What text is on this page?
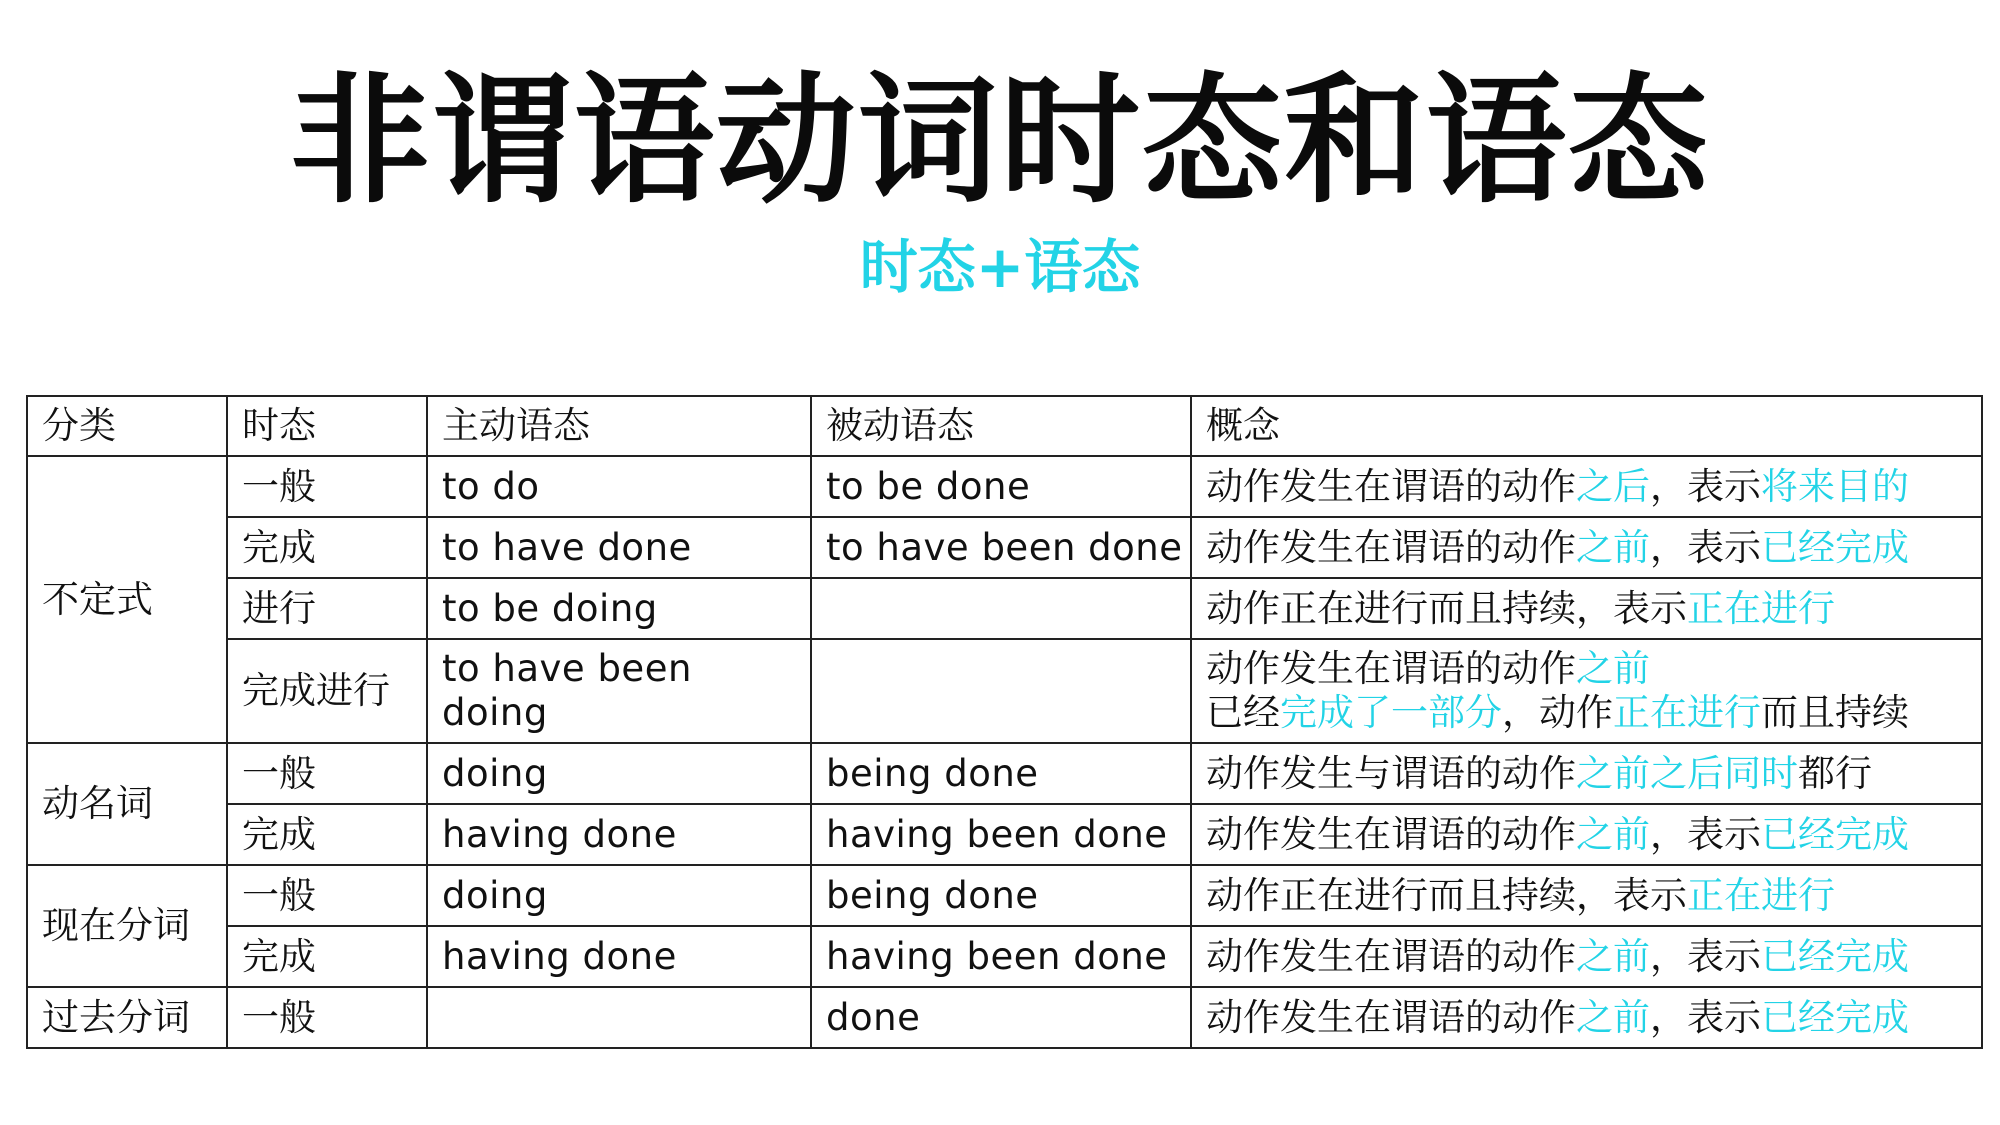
非谓语动词时态和语态
时态+语态
分类	时态	主动语态	被动语态	概念
不定式	一般	to do	to be done	动作发生在谓语的动作之后，表示将来目的
	完成	to have done	to have been done	动作发生在谓语的动作之前，表示已经完成
	进行	to be doing		动作正在进行而且持续，表示正在进行
	完成进行	to have been doing		动作发生在谓语的动作之前
已经完成了一部分，动作正在进行而且持续

动名词	一般	doing	being done	动作发生与谓语的动作之前之后同时都行
	完成	having done	having been done	动作发生在谓语的动作之前，表示已经完成
现在分词	一般	doing	being done	动作正在进行而且持续，表示正在进行
	完成	having done	having been done	动作发生在谓语的动作之前，表示已经完成
过去分词	一般		done	动作发生在谓语的动作之前，表示已经完成
